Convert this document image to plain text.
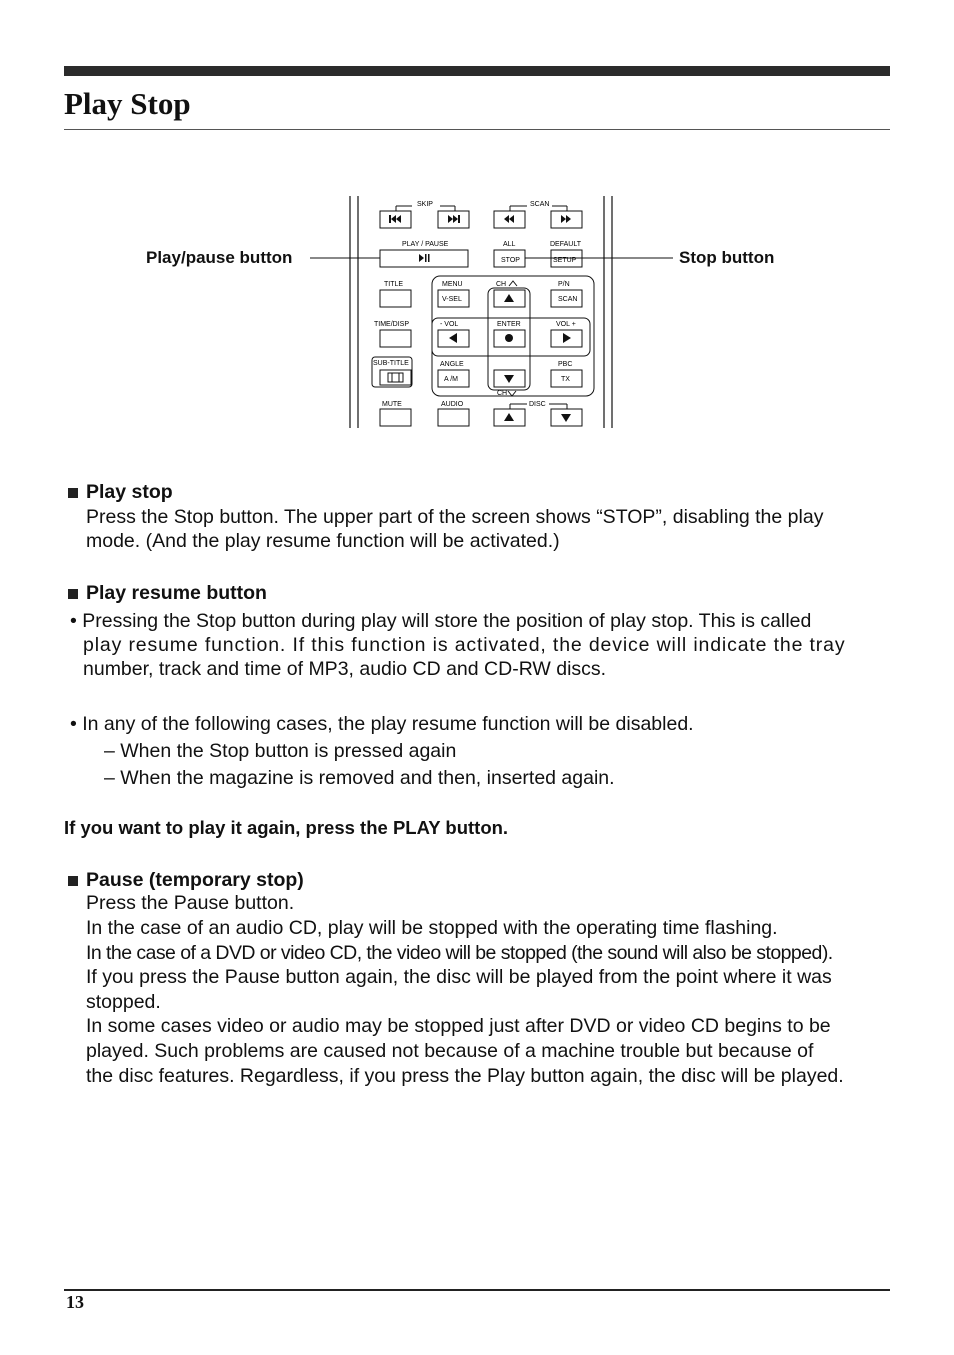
Play Stop
SKIP	SCAN
PLAY / PAUSE	ALL
STOP
DEFAULT
SETUP
TITLE	MENU
V-SEL
CH	P/N
SCAN
TIME/DISP	- VOL	ENTER	VOL +
SUB-TITLE	ANGLE
A /M
PBC
TX
CH
MUTE	AUDIO	DISC
Play/pause button	Stop button
Play stop

Press the Stop button. The upper part of the screen shows “STOP”, disabling the play

mode. (And the play resume function will be activated.)

Play resume button

• Pressing the Stop button during play will store the position of play stop. This is called

play resume function. If this function is activated, the device will indicate the tray

number, track and time of MP3, audio CD and CD-RW discs.

• In any of the following cases, the play resume function will be disabled.

– When the Stop button is pressed again
– When the magazine is removed and then, inserted again.
If you want to play it again, press the PLAY button.
Pause (temporary stop)

Press the Pause button.

In the case of an audio CD, play will be stopped with the operating time flashing.

In the case of a DVD or video CD, the video will be stopped (the sound will also be stopped).

If you press the Pause button again, the disc will be played from the point where it was

stopped.

In some cases video or audio may be stopped just after DVD or video CD begins to be

played. Such problems are caused not because of a machine trouble but because of

the disc features. Regardless, if you press the Play button again, the disc will be played.

13
